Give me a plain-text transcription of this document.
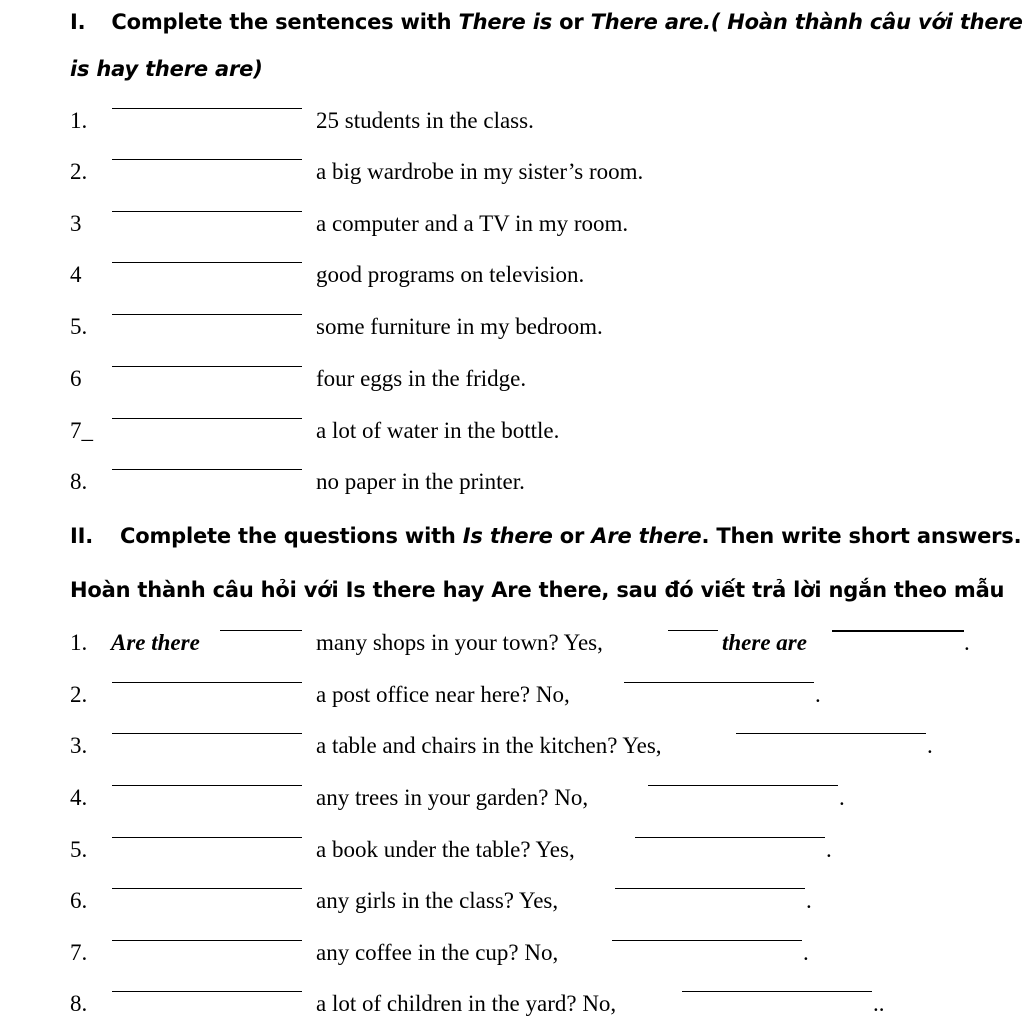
I. Complete the sentences with There is or There are.( Hoàn thành câu với there
is hay there are)
1.	25 students in the class.
2.	a big wardrobe in my sister’s room.
3	a computer and a TV in my room.
4	good programs on television.
5.	some furniture in my bedroom.
6	four eggs in the fridge.
7_	a lot of water in the bottle.
8.	no paper in the printer.
II. Complete the questions with Is there or Are there. Then write short answers.
Hoàn thành câu hỏi với Is there hay Are there, sau đó viết trả lời ngắn theo mẫu
1. Are there	many shops in your town? Yes,	there are	.
2.	a post office near here? No,	.
3.	a table and chairs in the kitchen? Yes,	.
4.	any trees in your garden? No,	.
5.	a book under the table? Yes,	.
6.	any girls in the class? Yes,	.
7.	any coffee in the cup? No,	.
8.	a lot of children in the yard? No,	..
